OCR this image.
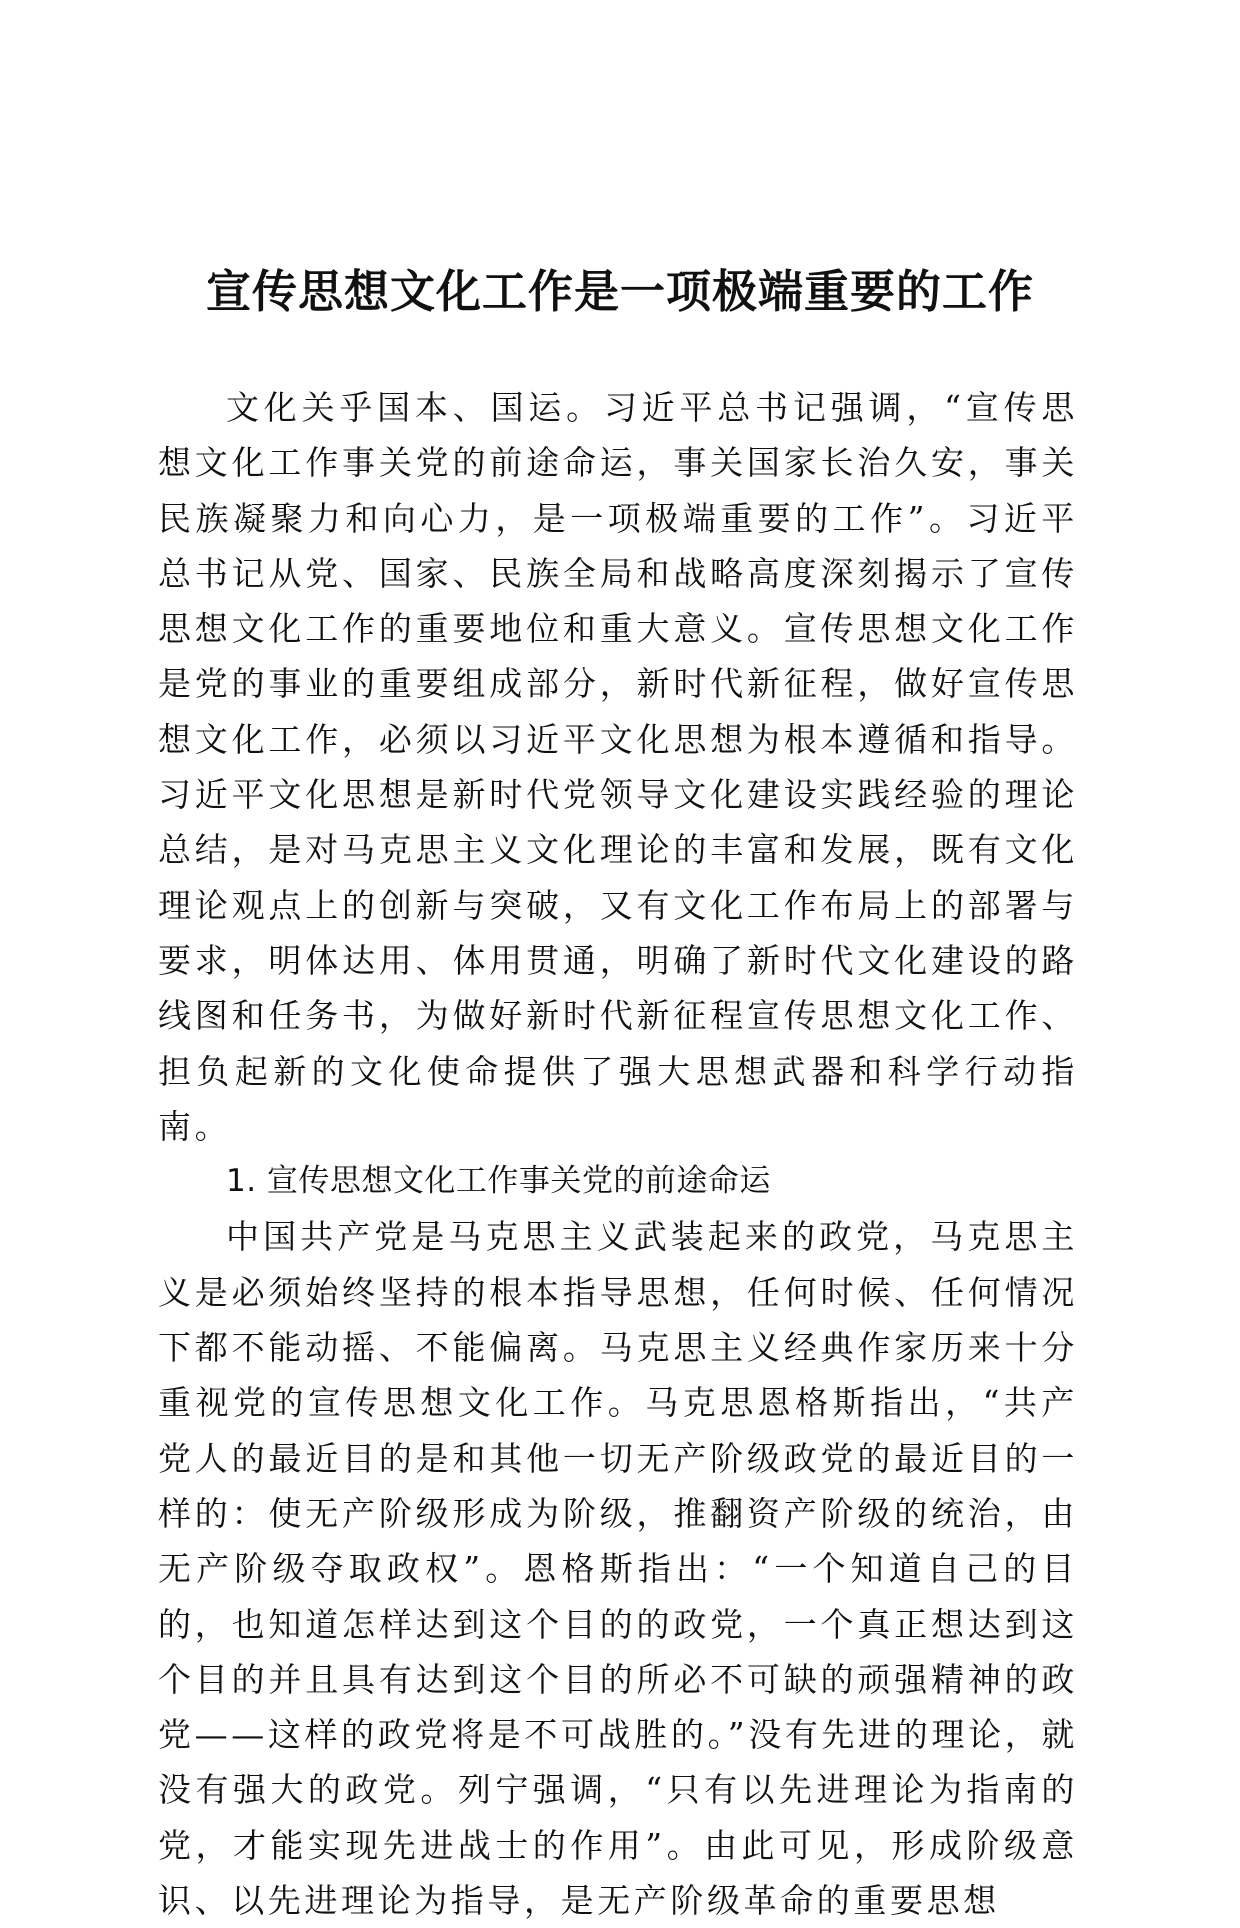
宣传思想文化工作是一项极端重要的工作

文化关乎国本、国运。习近平总书记强调，“宣传思想文化工作事关党的前途命运，事关国家长治久安，事关民族凝聚力和向心力，是一项极端重要的工作”。习近平总书记从党、国家、民族全局和战略高度深刻揭示了宣传思想文化工作的重要地位和重大意义。宣传思想文化工作是党的事业的重要组成部分，新时代新征程，做好宣传思想文化工作，必须以习近平文化思想为根本遵循和指导。习近平文化思想是新时代党领导文化建设实践经验的理论总结，是对马克思主义文化理论的丰富和发展，既有文化理论观点上的创新与突破，又有文化工作布局上的部署与要求，明体达用、体用贯通，明确了新时代文化建设的路线图和任务书，为做好新时代新征程宣传思想文化工作、担负起新的文化使命提供了强大思想武器和科学行动指南。

1. 宣传思想文化工作事关党的前途命运

中国共产党是马克思主义武装起来的政党，马克思主义是必须始终坚持的根本指导思想，任何时候、任何情况下都不能动摇、不能偏离。马克思主义经典作家历来十分重视党的宣传思想文化工作。马克思恩格斯指出，“共产党人的最近目的是和其他一切无产阶级政党的最近目的一样的：使无产阶级形成为阶级，推翻资产阶级的统治，由无产阶级夺取政权”。恩格斯指出：“一个知道自己的目的，也知道怎样达到这个目的的政党，一个真正想达到这个目的并且具有达到这个目的所必不可缺的顽强精神的政党——这样的政党将是不可战胜的。”没有先进的理论，就没有强大的政党。列宁强调，“只有以先进理论为指南的党，才能实现先进战士的作用”。由此可见，形成阶级意识、以先进理论为指导，是无产阶级革命的重要思想
